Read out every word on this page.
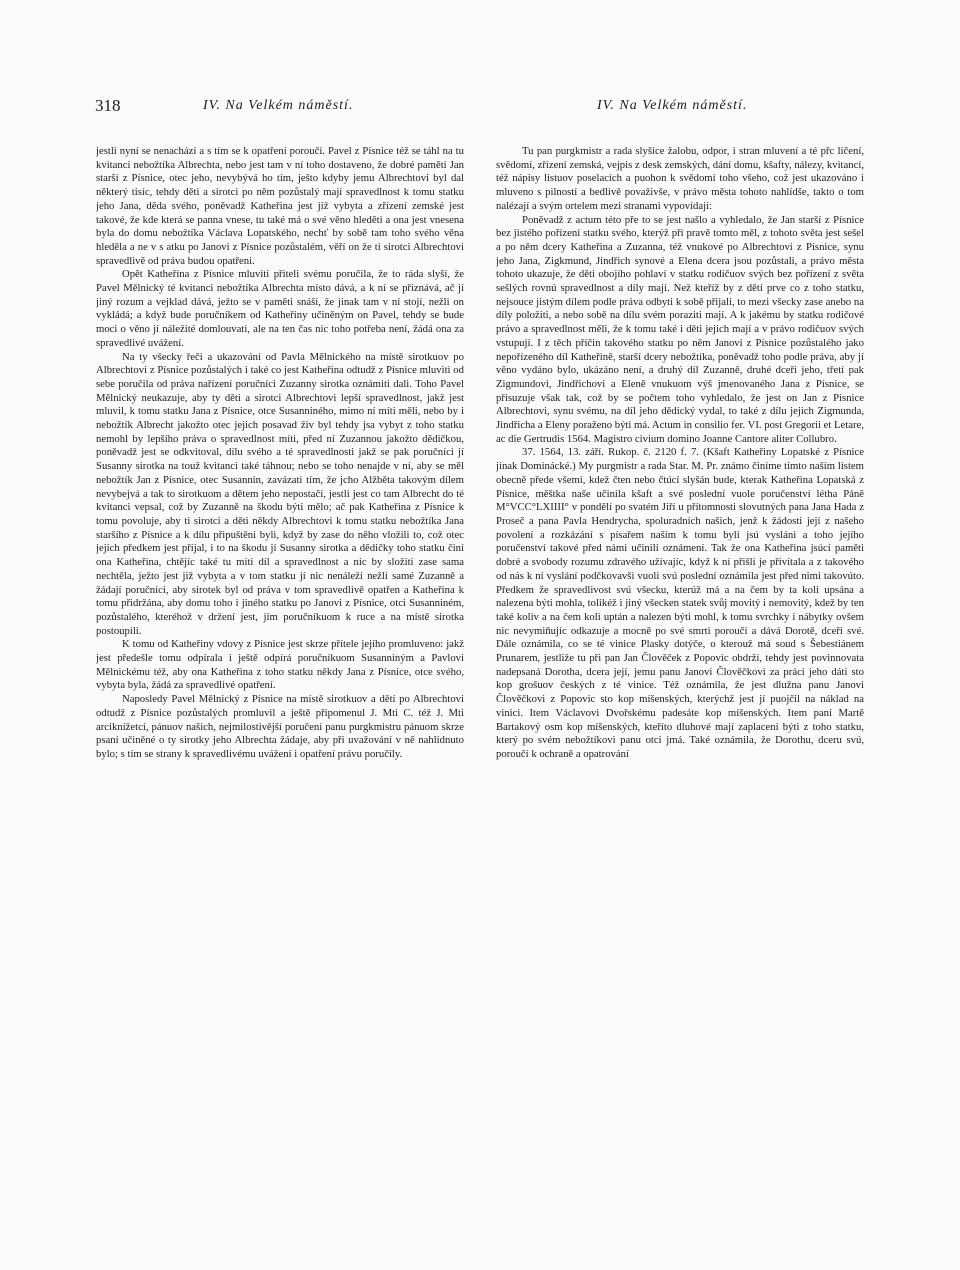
318	IV. Na Velkém náměstí.	IV. Na Velkém náměstí.

jestli nyní se nenachází a s tím se k opatření poroučí. Pavel z Písnice též se táhl na tu kvitanci nebožtíka Albrechta, nebo jest tam v ní toho dostaveno, že dobré paměti Jan starší z Písnice, otec jeho, nevybývá ho tím, ješto kdyby jemu Albrechtovi byl dal některý tisíc, tehdy děti a sirotci po něm pozůstalý mají spravedlnost k tomu statku jeho Jana, děda svého, poněvadž Katheřina jest již vybyta a zřízení zemské jest takové, že kde která se panna vnese, tu také má o své věno hleděti a ona jest vnesena byla do domu nebožtíka Václava Lopatského, nechť by sobě tam toho svého věna hleděla a ne v s atku po Janovi z Písnice pozůstalém, věří on že ti sirotci Albrechtovi spravedlivě od práva budou opatřeni.

Opět Katheřina z Písnice mluviti přiteli svému poručila, že to ráda slyší, že Pavel Mělnický té kvitanci nebožtíka Albrechta místo dává, a k ní se přiznává, ač jí jiný rozum a vejklad dává, ježto se v paměti snáší, že jinak tam v ní stojí, nežli on vykládá; a když bude poručníkem od Katheřiny učiněným on Pavel, tehdy se bude moci o věno jí náležité domlouvati, ale na ten čas nic toho potřeba není, žádá ona za spravedlivé uvážení.

Na ty všecky řeči a ukazování od Pavla Mělnického na místě sirotkuov po Albrechtovi z Písnice pozůstalých i také co jest Katheřina odtudž z Písnice mluviti od sebe poručila od práva nařízení poručníci Zuzanny sirotka oznámiti dali. Toho Pavel Mělnický neukazuje, aby ty děti a sirotci Albrechtovi lepší spravedlnost, jakž jest mluvil, k tomu statku Jana z Písnice, otce Susanniného, mimo ní míti měli, nebo by i nebožtík Albrecht jakožto otec jejich posavad živ byl tehdy jsa vybyt z toho statku nemohl by lepšího práva o spravedlnost míti, před ní Zuzannou jakožto dědičkou, poněvadž jest se odkvitoval, dílu svého a té spravedlnosti jakž se pak poručníci jí Susanny sirotka na touž kvitanci také táhnou; nebo se toho nenajde v ní, aby se měl nebožtík Jan z Písnice, otec Susannin, zavázati tím, že jcho Alžběta takovým dílem nevybejvá a tak to sirotkuom a dětem jeho nepostačí, jestli jest co tam Albrecht do té kvitanci vepsal, což by Zuzanně na škodu býti mělo; ač pak Katheřina z Písnice k tomu povoluje, aby ti sirotci a děti někdy Albrechtovi k tomu statku nebožtíka Jana staršího z Písnice a k dílu připuštěni byli, když by zase do něho vložili to, což otec jejich předkem jest přijal, i to na škodu jí Susanny sirotka a dědičky toho statku činí ona Katheřina, chtějíc také tu míti díl a spravedlnost a nic by složiti zase sama nechtěla, ježto jest již vybyta a v tom statku jí nic nenáleží nežli samé Zuzanně a žádají poručníci, aby sirotek byl od práva v tom spravedlivě opatřen a Katheřina k tomu přidržána, aby domu toho i jiného statku po Janovi z Písnice, otci Susanniném, pozůstalého, kteréhož v držení jest, jim poručníkuom k ruce a na místě sirotka postoupili.

K tomu od Katheřiny vdovy z Písnice jest skrze přítele jejího promluveno: jakž jest předešle tomu odpírala i ještě odpírá poručníkuom Susanniným a Pavlovi Mělnickému též, aby ona Katheřina z toho statku někdy Jana z Písnice, otce svého, vybyta byla, žádá za spravedlivé opatření.

Naposledy Pavel Mělnický z Písnice na místě sirotkuov a dětí po Albrechtovi odtudž z Písnice pozůstalých promluvil a ještě připomenul J. Mti C. též J. Mti arciknížetcí, pánuov našich, nejmilostivější poručení panu purgkmistru pánuom skrze psaní učiněné o ty sirotky jeho Albrechta žádaje, aby při uvažování v ně nahlídnuto bylo; s tím se strany k spravedlivému uvážení i opatření právu poručily.

Tu pan purgkmistr a rada slyšíce žalobu, odpor, i stran mluvení a té přc líčení, svědomí, zřízení zemská, vejpis z desk zemských, dání domu, kšafty, nálezy, kvitancí, též nápisy listuov poselacích a puohon k svědomí toho všeho, což jest ukazováno i mluveno s pilností a bedlivě považivše, v právo města tohoto nahlídše, takto o tom nalézají a svým ortelem mezi stranami vypovídají:

Poněvadž z actum této pře to se jest našlo a vyhledalo, že Jan starší z Písnice bez jistého pořízení statku svého, kterýž při pravě tomto měl, z tohoto světa jest sešel a po něm dcery Katheřina a Zuzanna, též vnukové po Albrechtovi z Písnice, synu jeho Jana, Zigkmund, Jindřich synové a Elena dcera jsou pozůstali, a právo města tohoto ukazuje, že děti obojího pohlaví v statku rodičuov svých bez pořízení z světa sešlých rovnú spravedlnost a díly mají. Než kteříž by z dětí prve co z toho statku, nejsouce jistým dílem podle práva odbyti k sobě přijali, to mezi všecky zase anebo na díly položiti, a nebo sobě na dílu svém poraziti mají. A k jakému by statku rodičové právo a spravedlnost měli, že k tomu také i děti jejich mají a v právo rodičuov svých vstupují. I z těch příčin takového statku po něm Janovi z Písnice pozůstalého jako nepořízeného díl Katheřině, starší dcery nebožtíka, poněvadž toho podle práva, aby jí věno vydáno bylo, ukázáno není, a druhý díl Zuzanně, druhé dceři jeho, třetí pak Zigmundovi, Jindřichovi a Eleně vnukuom výš jmenovaného Jana z Písnice, se přisuzuje však tak, což by se počtem toho vyhledalo, že jest on Jan z Písnice Albrechtovi, synu svému, na díl jeho dědický vydal, to také z dílu jejich Zigmunda, Jindřicha a Eleny poraženo býti má. Actum in consilio fer. VI. post Gregorii et Letare, ac die Gertrudis 1564. Magistro civium domino Joanne Cantore aliter Collubro.

37. 1564, 13. září. Rukop. č. 2120 f. 7. (Kšaft Katheřiny Lopatské z Písnice jinak Dominácké.) My purgmistr a rada Star. M. Pr. známo činíme tímto naším listem obecně přede všemi, kdež čten nebo čtúcí slyšán bude, kterak Katheřina Lopatská z Písnice, měštka naše učinila kšaft a své poslední vuole poručenství létha Páně M°VCC°LXIIII° v pondělí po svatém Jiří u přítomnosti slovutných pana Jana Hada z Proseč a pana Pavla Hendrycha, spoluradních našich, jenž k žádosti její z našeho povolení a rozkázání s písařem naším k tomu byli jsú vysláni a toho jejího poručenství takové před námi učinili oznámení. Tak že ona Katheřina jsúcí paměti dobré a svobody rozumu zdravého užívajíc, když k ní přišli je přivítala a z takového od nás k ní vyslání podčkovavši vuoli svú poslední oznámila jest před nimi takovúto. Předkem že spravedlivost svú všecku, kterúž má a na čem by ta koli upsána a nalezena býti mohla, tolikéž i jiný všecken statek svůj movitý i nemovitý, kdež by ten také koliv a na čem koli uptán a nalezen býti mohl, k tomu svrchky i nábytky ovšem nic nevymiňujíc odkazuje a mocně po své smrti poroučí a dává Dorotě, dceři své. Dále oznámila, co se té vinice Plasky dotýče, o kterouž má soud s Šebestiánem Prunarem, jestliže tu při pan Jan Člověček z Popovic obdrží, tehdy jest povinnovata nadepsaná Dorotha, dcera její, jemu panu Janovi Člověčkovi za práci jeho dáti sto kop grošuov českých z té vinice. Též oznámila, že jest dlužna panu Janovi Člověčkovi z Popovic sto kop míšenských, kterýchž jest jí puojčil na náklad na vinici. Item Václavovi Dvořskému padesáte kop míšenských. Item paní Martě Bartakový osm kop míšenských, kteříto dluhové mají zaplaceni býti z toho statku, který po svém nebožtíkovi panu otci jmá. Také oznámila, že Dorothu, dceru svú, poroučí k ochraně a opatrování
